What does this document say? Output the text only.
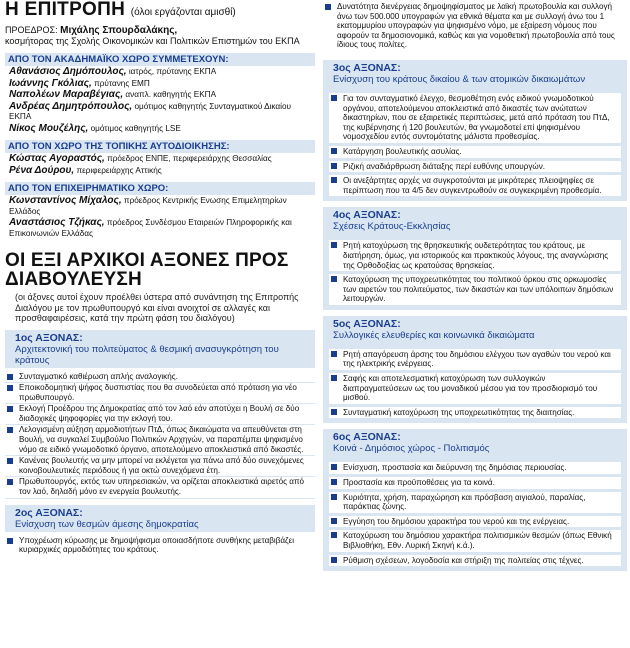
Η ΕΠΙΤΡΟΠΗ (όλοι εργάζονται αμισθί)
ΠΡΟΕΔΡΟΣ: Μιχάλης Σπουρδαλάκης,
κοσμήτορας της Σχολής Οικονομικών και Πολιτικών Επιστημών του ΕΚΠΑ
ΑΠΟ ΤΟΝ ΑΚΑΔΗΜΑΪΚΟ ΧΩΡΟ ΣΥΜΜΕΤΕΧΟΥΝ:
Αθανάσιος Δημόπουλος, ιατρός, πρύτανης ΕΚΠΑ
Ιωάννης Γκόλιας, πρύτανης ΕΜΠ
Ναπολέων Μαραβέγιας, αναπλ. καθηγητής ΕΚΠΑ
Ανδρέας Δημητρόπουλος, ομότιμος καθηγητής Συνταγματικού Δικαίου ΕΚΠΑ
Νίκος Μουζέλης, ομότιμος καθηγητής LSE
ΑΠΟ ΤΟΝ ΧΩΡΟ ΤΗΣ ΤΟΠΙΚΗΣ ΑΥΤΟΔΙΟΙΚΗΣΗΣ:
Κώστας Αγοραστός, πρόεδρος ΕΝΠΕ, περιφερειάρχης Θεσσαλίας
Ρένα Δούρου, περιφερειάρχης Αττικής
ΑΠΟ ΤΟΝ ΕΠΙΧΕΙΡΗΜΑΤΙΚΟ ΧΩΡΟ:
Κωνσταντίνος Μίχαλος, πρόεδρος Κεντρικής Ενωσης Επιμελητηρίων Ελλάδος
Αναστάσιος Τζήκας, πρόεδρος Συνδέσμου Εταιρειών Πληροφορικής και Επικοινωνιών Ελλάδας
ΟΙ ΕΞΙ ΑΡΧΙΚΟΙ ΑΞΟΝΕΣ ΠΡΟΣ ΔΙΑΒΟΥΛΕΥΣΗ
(οι άξονες αυτοί έχουν προέλθει ύστερα από συνάντηση της Επιτροπής Διαλόγου με τον πρωθυπουργό και είναι ανοιχτοί σε αλλαγές και προσθαφαιρέσεις, κατά την πρώτη φάση του διαλόγου)
1ος ΑΞΟΝΑΣ:
Αρχιτεκτονική του πολιτεύματος & θεσμική ανασυγκρότηση του κράτους
Συνταγματικό καθιέρωση απλής αναλογικής.
Εποικοδομητική ψήφος δυσπιστίας που θα συνοδεύεται από πρόταση για νέο πρωθυπουργό.
Εκλογή Προέδρου της Δημοκρατίας από τον λαό εάν αποτύχει η Βουλή σε δύο διαδοχικές ψηφοφορίες για την εκλογή του.
Λελογισμένη αύξηση αρμοδιοτήτων ΠτΔ, όπως δικαιώματα να απευθύνεται στη Βουλή, να συγκαλεί Συμβούλιο Πολιτικών Αρχηγών, να παραπέμπει ψηφισμένο νόμο σε ειδικό γνωμοδοτικό όργανο, αποτελούμενο αποκλειστικά από δικαστές.
Κανένας βουλευτής να μην μπορεί να εκλέγεται για πάνω από δύο συνεχόμενες κοινοβουλευτικές περιόδους ή για οκτώ συνεχόμενα έτη.
Πρωθυπουργός, εκτός των υπηρεσιακών, να ορίζεται αποκλειστικά αιρετός από τον λαό, δηλαδή μόνο εν ενεργεία βουλευτής.
2ος ΑΞΟΝΑΣ:
Ενίσχυση των θεσμών άμεσης δημοκρατίας
Υποχρέωση κύρωσης με δημοψήφισμα οποιασδήποτε συνθήκης μεταβιβάζει κυριαρχικές αρμοδιότητες του κράτους.
Δυνατότητα διενέργειας δημοψηφίσματος με λαϊκή πρωτοβουλία και συλλογή άνω των 500.000 υπογραφών για εθνικά θέματα και με συλλογή άνω του 1 εκατομμυρίου υπογραφών για ψηφισμένο νόμο, με εξαίρεση νόμους που αφορούν τα δημοσιονομικά, καθώς και για νομοθετική πρωτοβουλία από τους ίδιους τους πολίτες.
3ος ΑΞΟΝΑΣ:
Ενίσχυση του κράτους δικαίου & των ατομικών δικαιωμάτων
Για τον συνταγματικό έλεγχο, θεσμοθέτηση ενός ειδικού γνωμοδοτικού οργάνου, αποτελούμενου αποκλειστικά από δικαστές των ανώτατων δικαστηρίων, που σε εξαιρετικές περιπτώσεις, μετά από πρόταση του ΠτΔ, της κυβέρνησης ή 120 βουλευτών, θα γνωμοδοτεί επί ψηφισμένου νομοσχεδίου εντός συντομότατης μάλιστα προθεσμίας.
Κατάργηση βουλευτικής ασυλίας.
Ριζική αναδιάρθρωση διάταξης περί ευθύνης υπουργών.
Οι ανεξάρτητες αρχές να συγκροτούνται με μικρότερες πλειοψηφίες σε περίπτωση που τα 4/5 δεν συγκεντρωθούν σε συγκεκριμένη προθεσμία.
4ος ΑΞΟΝΑΣ:
Σχέσεις Κράτους-Εκκλησίας
Ρητή κατοχύρωση της θρησκευτικής ουδετερότητας του κράτους, με διατήρηση, όμως, για ιστορικούς και πρακτικούς λόγους, της αναγνώρισης της Ορθοδοξίας ως κρατούσας θρησκείας.
Κατοχύρωση της υποχρεωτικότητας του πολιτικού όρκου στις ορκωμοσίες των αιρετών του πολιτεύματος, των δικαστών και των υπόλοιπων δημόσιων λειτουργών.
5ος ΑΞΟΝΑΣ:
Συλλογικές ελευθερίες και κοινωνικά δικαιώματα
Ρητή απαγόρευση άρσης του δημόσιου ελέγχου των αγαθών του νερού και της ηλεκτρικής ενέργειας.
Σαφής και αποτελεσματική κατοχύρωση των συλλογικών διαπραγματεύσεων ως του μοναδικού μέσου για τον προσδιορισμό του μισθού.
Συνταγματική κατοχύρωση της υποχρεωτικότητας της διαιτησίας.
6ος ΑΞΟΝΑΣ:
Κοινά - Δημόσιος χώρος - Πολιτισμός
Ενίσχυση, προστασία και διεύρυνση της δημόσιας περιουσίας.
Προστασία και προϋποθέσεις για τα κοινά.
Κυριότητα, χρήση, παραχώρηση και πρόσβαση αιγιαλού, παραλίας, παράκτιας ζώνης.
Εγγύηση του δημόσιου χαρακτήρα του νερού και της ενέργειας.
Κατοχύρωση του δημόσιου χαρακτήρα πολιτισμικών θεσμών (όπως Εθνική Βιβλιοθήκη, Εθν. Λυρική Σκηνή κ.ά.).
Ρύθμιση σχέσεων, λογοδοσία και στήριξη της πολιτείας στις τέχνες.
